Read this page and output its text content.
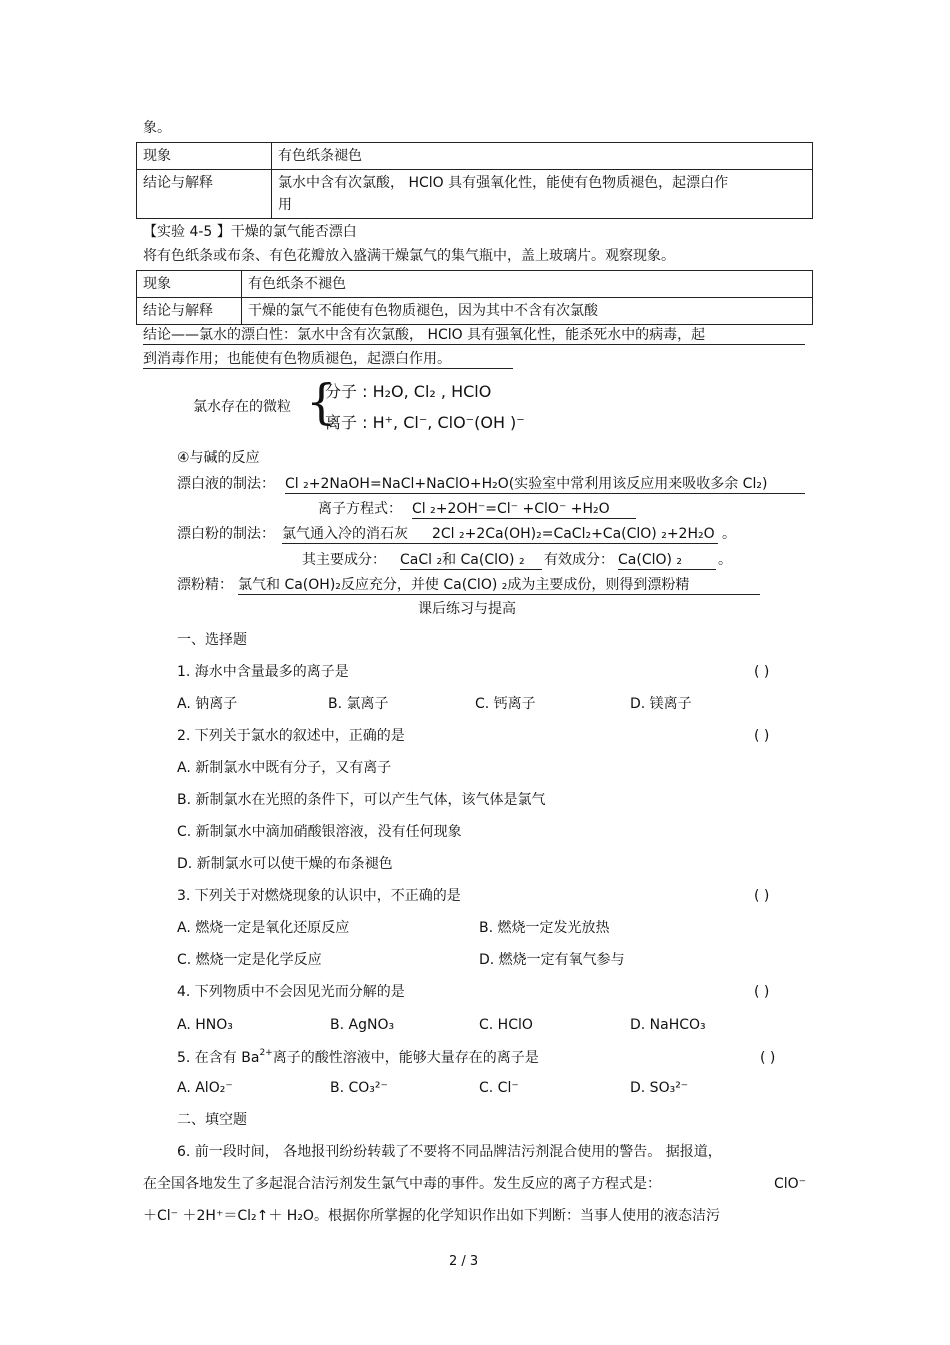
象。
现象	有色纸条褪色
结论与解释	氯水中含有次氯酸， HClO 具有强氧化性，能使有色物质褪色，起漂白作
用
【实验 4-5 】干燥的氯气能否漂白
将有色纸条或布条、有色花瓣放入盛满干燥氯气的集气瓶中，盖上玻璃片。观察现象。
现象	有色纸条不褪色
结论与解释	干燥的氯气不能使有色物质褪色，因为其中不含有次氯酸
结论——氯水的漂白性：氯水中含有次氯酸， HClO 具有强氧化性，能杀死水中的病毒，起
到消毒作用；也能使有色物质褪色，起漂白作用。
氯水存在的微粒 {
分子 : H₂O, Cl₂ , HClO
离子 : H⁺, Cl⁻, ClO⁻(OH )⁻
④与碱的反应
漂白液的制法： Cl ₂+2NaOH=NaCl+NaClO+H₂O(实验室中常利用该反应用来吸收多余 Cl₂)
离子方程式： Cl ₂+2OH⁻=Cl⁻ +ClO⁻ +H₂O
漂白粉的制法： 氯气通入冷的消石灰	2Cl ₂+2Ca(OH)₂=CaCl₂+Ca(ClO) ₂+2H₂O 。
其主要成分： CaCl ₂和 Ca(ClO) ₂	有效成分： Ca(ClO) ₂	。
漂粉精： 氯气和 Ca(OH)₂反应充分，并使 Ca(ClO) ₂成为主要成份，则得到漂粉精
课后练习与提高
一、选择题
1. 海水中含量最多的离子是	( )
A. 钠离子	B. 氯离子	C. 钙离子	D. 镁离子
2. 下列关于氯水的叙述中，正确的是	( )
A. 新制氯水中既有分子，又有离子
B. 新制氯水在光照的条件下，可以产生气体，该气体是氯气
C. 新制氯水中滴加硝酸银溶液，没有任何现象
D. 新制氯水可以使干燥的布条褪色
3. 下列关于对燃烧现象的认识中，不正确的是	( )
A. 燃烧一定是氧化还原反应	B. 燃烧一定发光放热
C. 燃烧一定是化学反应	D. 燃烧一定有氧气参与
4. 下列物质中不会因见光而分解的是	( )
A. HNO₃	B. AgNO₃	C. HClO	D. NaHCO₃
5. 在含有 $Ba^{2+}$离子的酸性溶液中，能够大量存在的离子是	( )
A. AlO₂⁻	B. CO₃²⁻	C. Cl⁻	D. SO₃²⁻
二、填空题
6. 前一段时间， 各地报刊纷纷转载了不要将不同品牌洁污剂混合使用的警告。 据报道，
在全国各地发生了多起混合洁污剂发生氯气中毒的事件。发生反应的离子方程式是：	ClO⁻
＋Cl⁻ ＋2H⁺＝Cl₂↑＋ H₂O。根据你所掌握的化学知识作出如下判断：当事人使用的液态洁污
2 / 3
